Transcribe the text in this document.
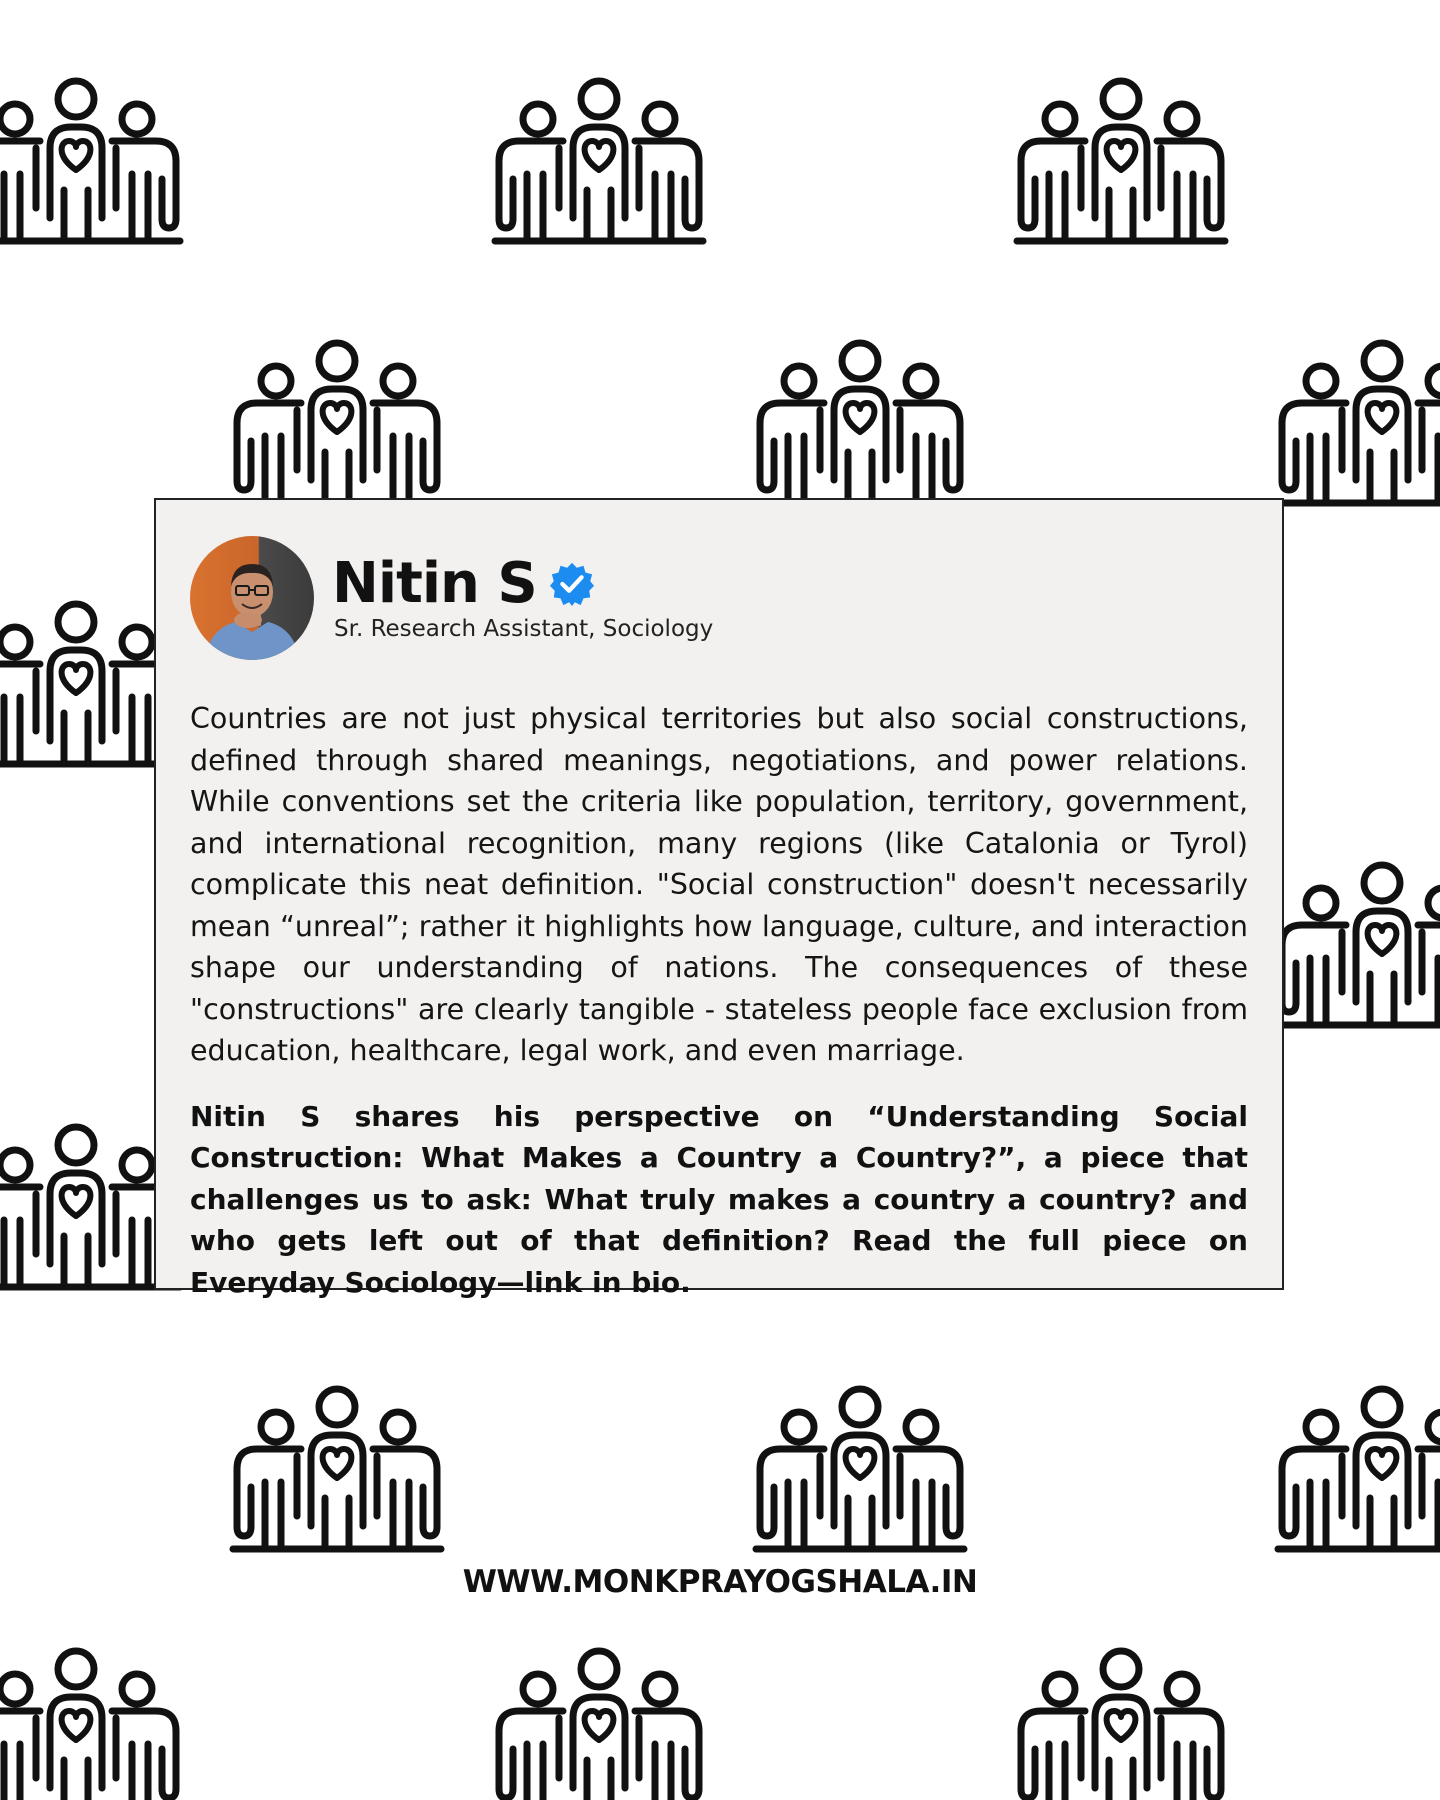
Nitin S
Sr. Research Assistant, Sociology
Countries are not just physical territories but also social constructions, defined through shared meanings, negotiations, and power relations. While conventions set the criteria like population, territory, government, and international recognition, many regions (like Catalonia or Tyrol) complicate this neat definition. "Social construction" doesn't necessarily mean “unreal”; rather it highlights how language, culture, and interaction shape our understanding of nations. The consequences of these "constructions" are clearly tangible - stateless people face exclusion from education, healthcare, legal work, and even marriage.
Nitin S shares his perspective on “Understanding Social Construction: What Makes a Country a Country?”, a piece that challenges us to ask: What truly makes a country a country? and who gets left out of that definition? Read the full piece on Everyday Sociology—link in bio.
WWW.MONKPRAYOGSHALA.IN
